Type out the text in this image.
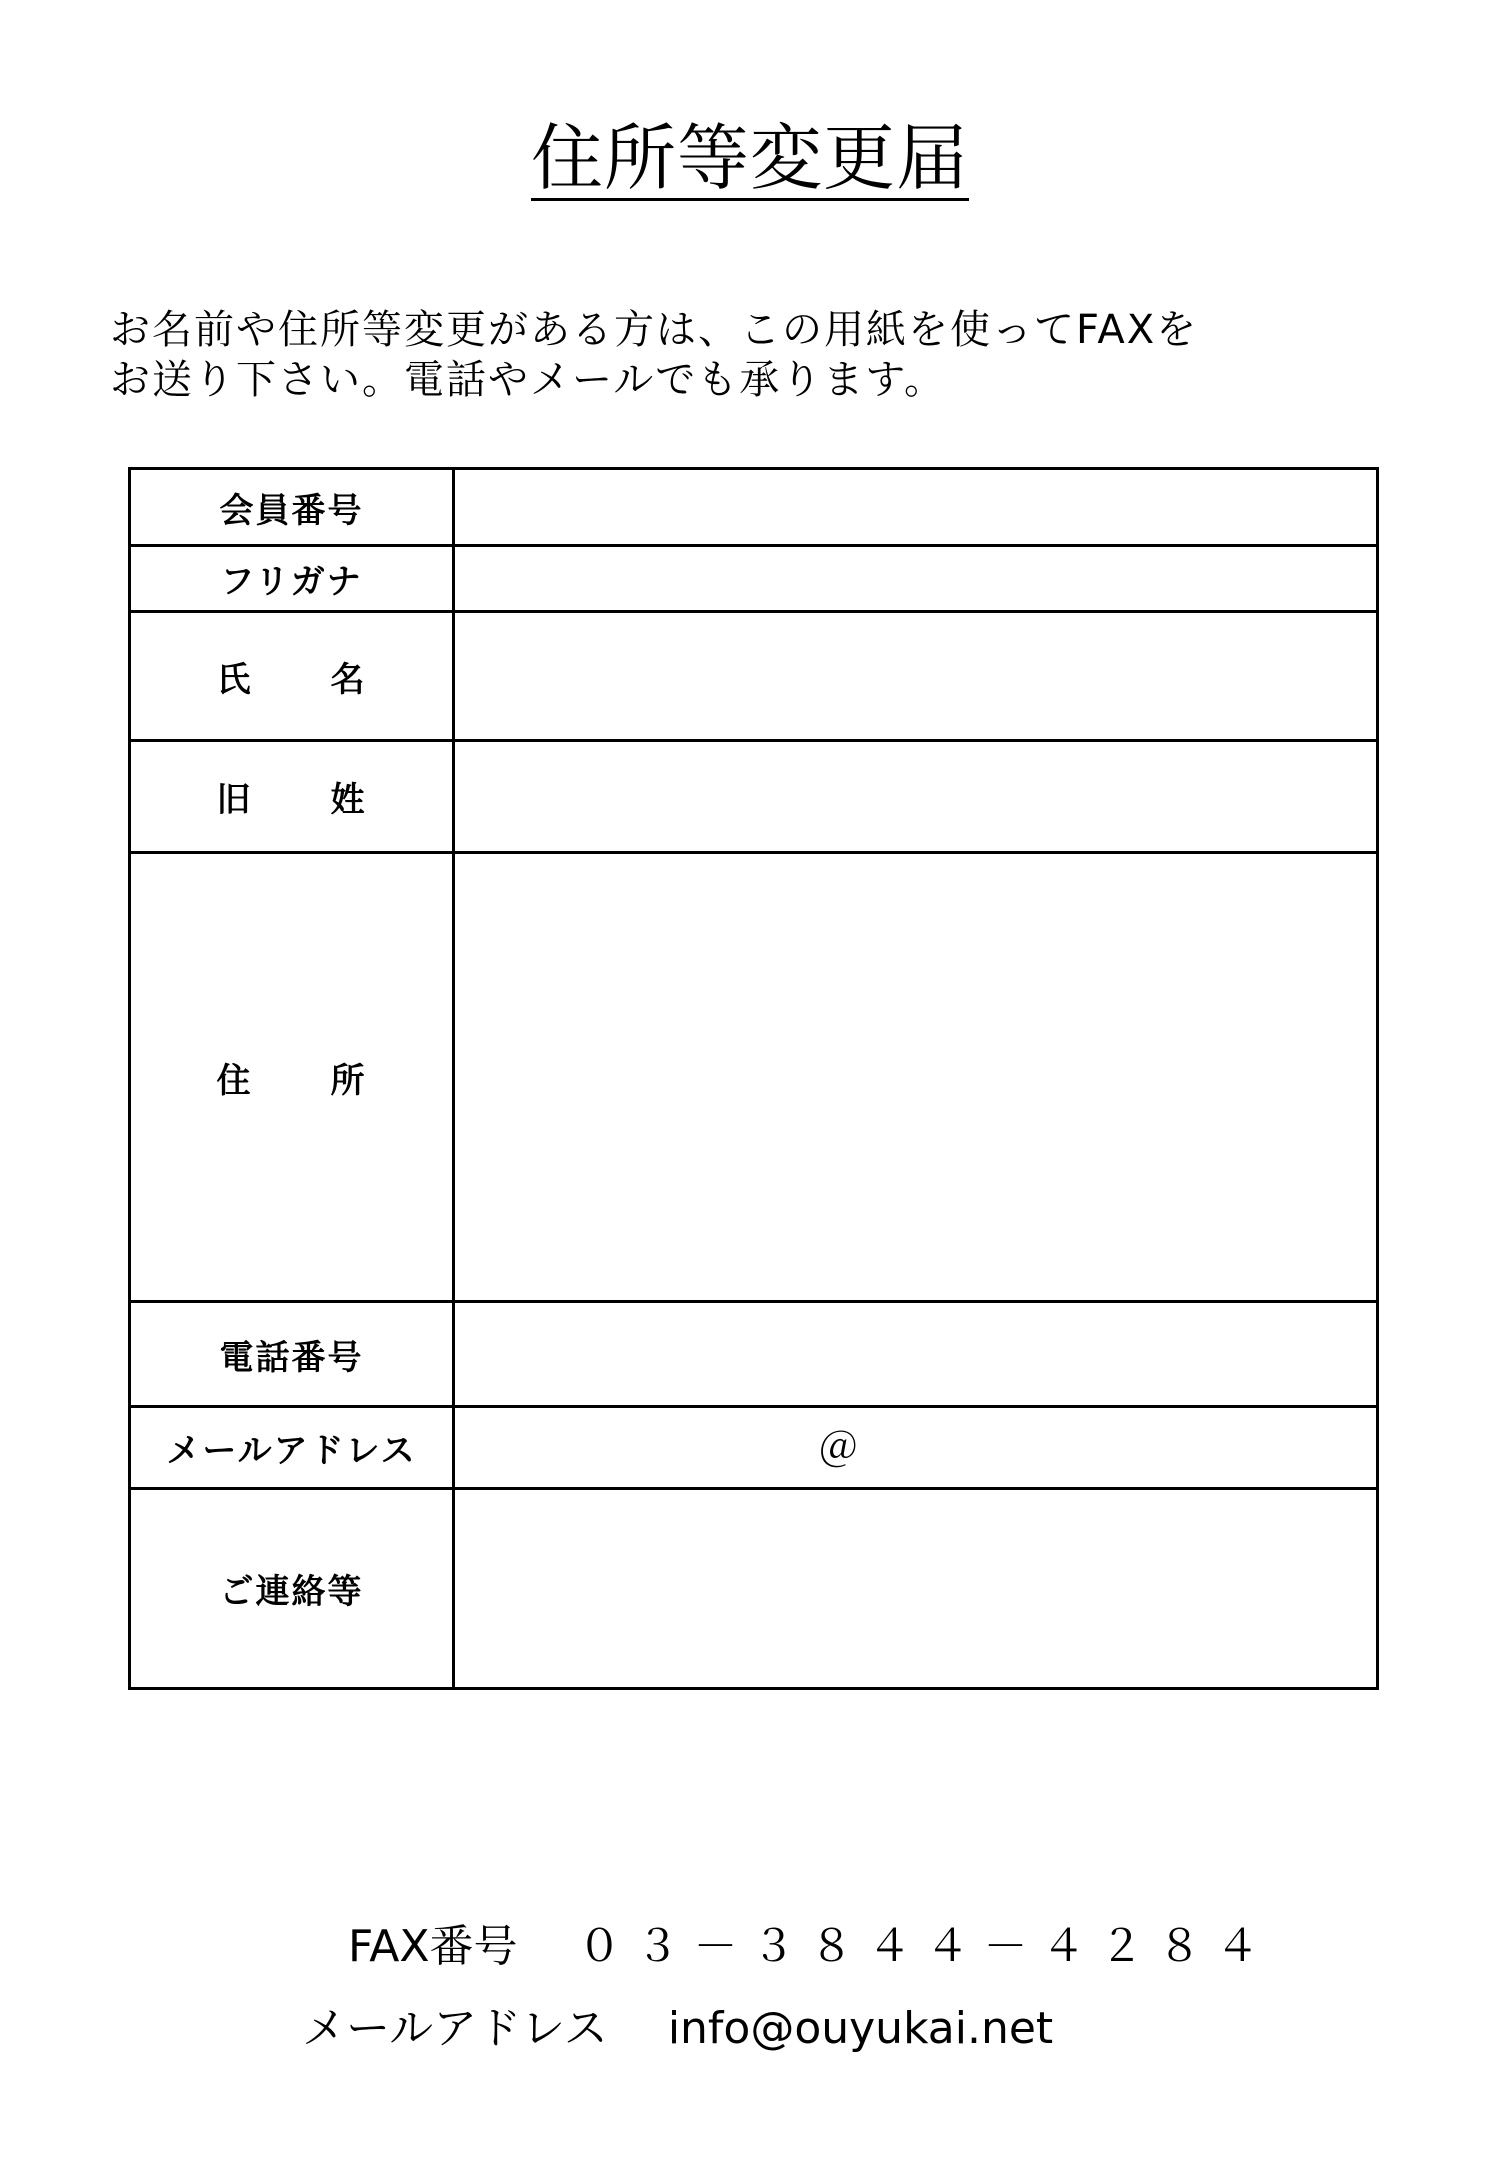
住所等変更届
お名前や住所等変更がある方は、この用紙を使ってFAXを
お送り下さい。電話やメールでも承ります。
会員番号	
フリガナ	
氏 名	
旧 姓	
住 所	
電話番号	
メールアドレス	＠

ご連絡等	
FAX番号 ０３－３８４４－４２８４
メールアドレス info@ouyukai.net
